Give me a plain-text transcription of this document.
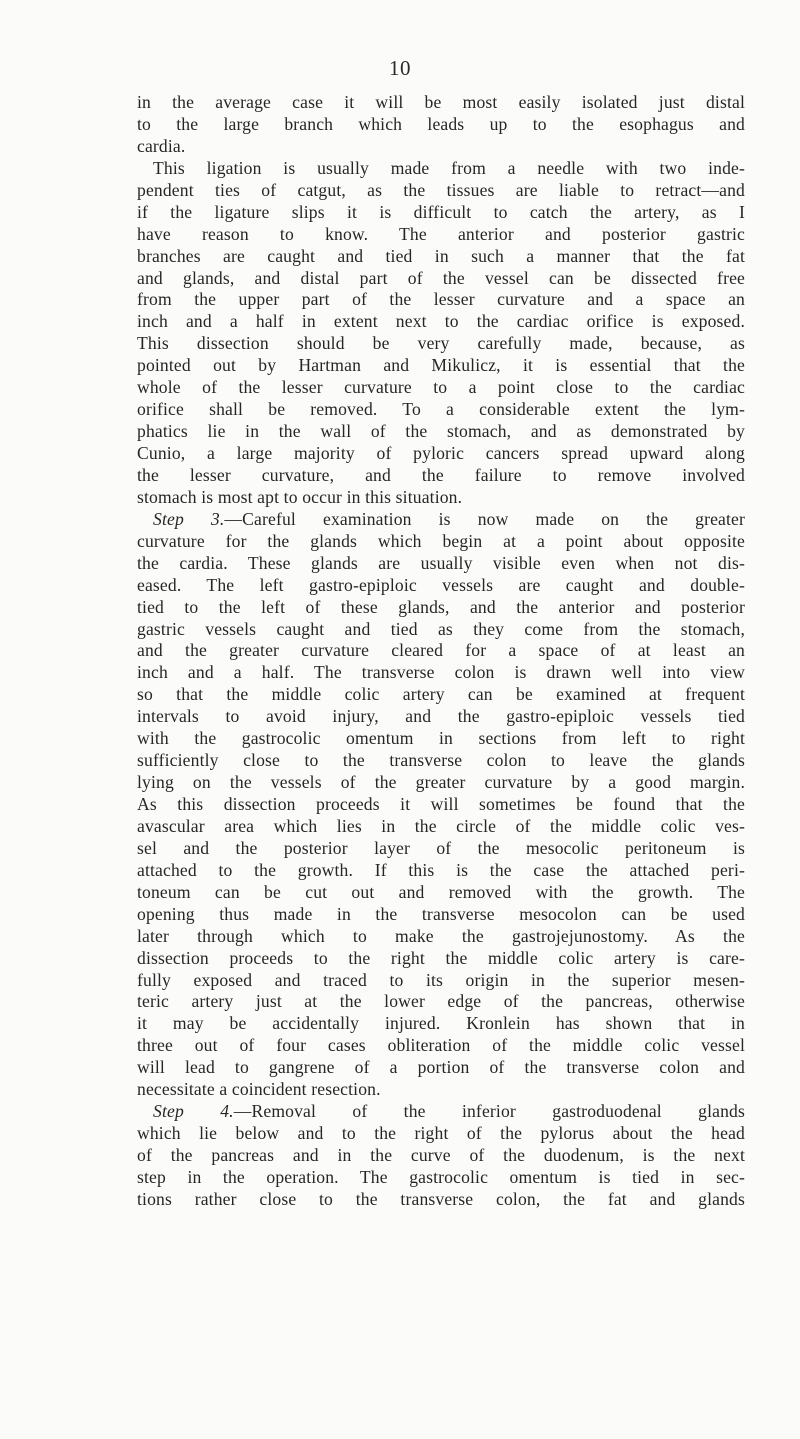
10
in the average case it will be most easily isolated just distal
to the large branch which leads up to the esophagus and
cardia.
This ligation is usually made from a needle with two inde-
pendent ties of catgut, as the tissues are liable to retract—and
if the ligature slips it is difficult to catch the artery, as I
have reason to know. The anterior and posterior gastric
branches are caught and tied in such a manner that the fat
and glands, and distal part of the vessel can be dissected free
from the upper part of the lesser curvature and a space an
inch and a half in extent next to the cardiac orifice is exposed.
This dissection should be very carefully made, because, as
pointed out by Hartman and Mikulicz, it is essential that the
whole of the lesser curvature to a point close to the cardiac
orifice shall be removed. To a considerable extent the lym-
phatics lie in the wall of the stomach, and as demonstrated by
Cunio, a large majority of pyloric cancers spread upward along
the lesser curvature, and the failure to remove involved
stomach is most apt to occur in this situation.
Step 3.—Careful examination is now made on the greater
curvature for the glands which begin at a point about opposite
the cardia. These glands are usually visible even when not dis-
eased. The left gastro-epiploic vessels are caught and double-
tied to the left of these glands, and the anterior and posterior
gastric vessels caught and tied as they come from the stomach,
and the greater curvature cleared for a space of at least an
inch and a half. The transverse colon is drawn well into view
so that the middle colic artery can be examined at frequent
intervals to avoid injury, and the gastro-epiploic vessels tied
with the gastrocolic omentum in sections from left to right
sufficiently close to the transverse colon to leave the glands
lying on the vessels of the greater curvature by a good margin.
As this dissection proceeds it will sometimes be found that the
avascular area which lies in the circle of the middle colic ves-
sel and the posterior layer of the mesocolic peritoneum is
attached to the growth. If this is the case the attached peri-
toneum can be cut out and removed with the growth. The
opening thus made in the transverse mesocolon can be used
later through which to make the gastrojejunostomy. As the
dissection proceeds to the right the middle colic artery is care-
fully exposed and traced to its origin in the superior mesen-
teric artery just at the lower edge of the pancreas, otherwise
it may be accidentally injured. Kronlein has shown that in
three out of four cases obliteration of the middle colic vessel
will lead to gangrene of a portion of the transverse colon and
necessitate a coincident resection.
Step 4.—Removal of the inferior gastroduodenal glands
which lie below and to the right of the pylorus about the head
of the pancreas and in the curve of the duodenum, is the next
step in the operation. The gastrocolic omentum is tied in sec-
tions rather close to the transverse colon, the fat and glands
